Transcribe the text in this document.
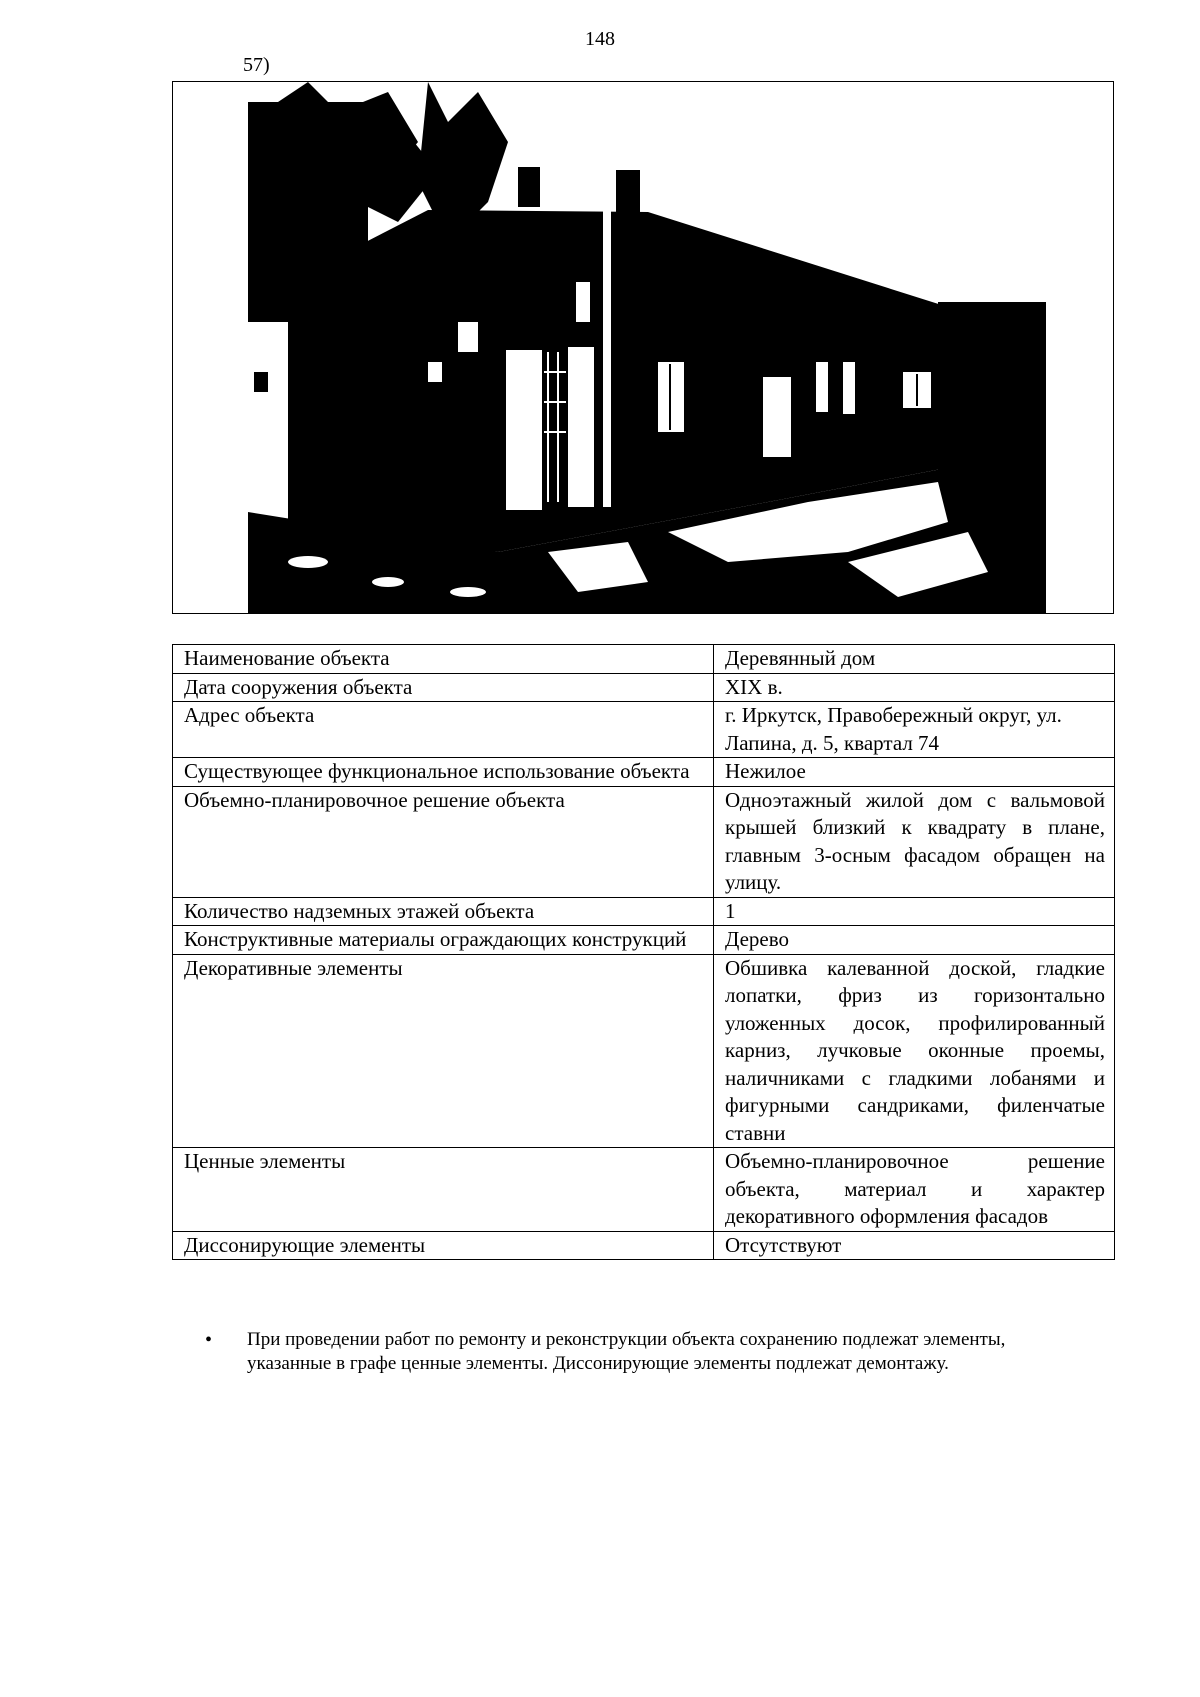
148
57)
Наименование объекта	Деревянный дом
Дата сооружения объекта	XIX в.
Адрес объекта	г. Иркутск, Правобережный округ, ул. Лапина, д. 5, квартал 74
Существующее функциональное использование объекта	Нежилое
Объемно-планировочное решение объекта	Одноэтажный жилой дом с вальмовой крышей близкий к квадрату в плане, главным 3-осным фасадом обращен на улицу.
Количество надземных этажей объекта	1
Конструктивные материалы ограждающих конструкций	Дерево
Декоративные элементы	Обшивка калеванной доской, гладкие лопатки, фриз из горизонтально уложенных досок, профилированный карниз, лучковые оконные проемы, наличниками с гладкими лобанями и фигурными сандриками, филенчатые ставни
Ценные элементы	Объемно-планировочное решение объекта, материал и характер декоративного оформления фасадов
Диссонирующие элементы	Отсутствуют
• При проведении работ по ремонту и реконструкции объекта сохранению подлежат элементы, указанные в графе ценные элементы. Диссонирующие элементы подлежат демонтажу.
